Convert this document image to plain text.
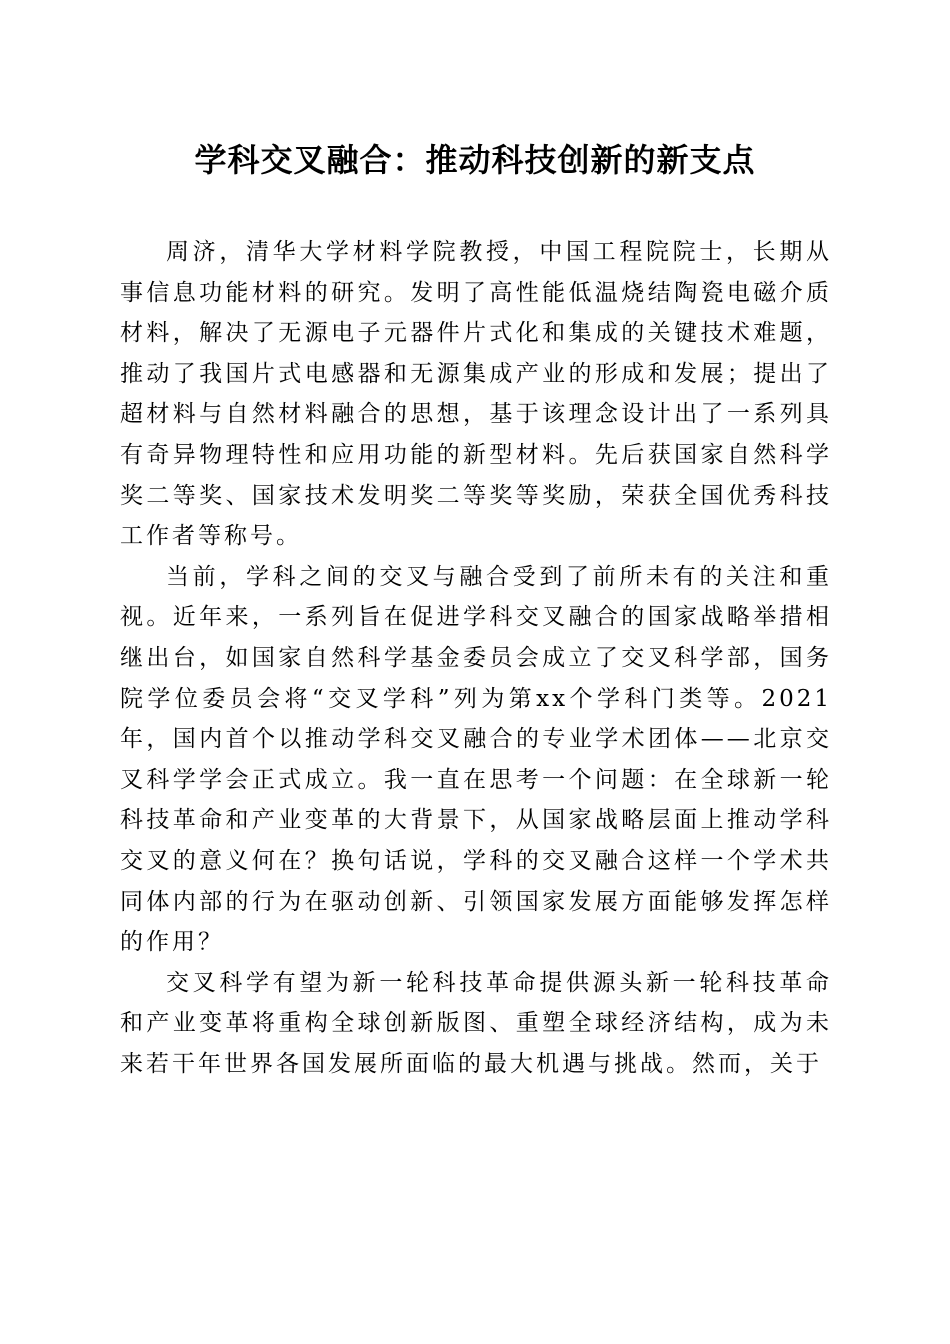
学科交叉融合：推动科技创新的新支点

周济，清华大学材料学院教授，中国工程院院士，长期从事信息功能材料的研究。发明了高性能低温烧结陶瓷电磁介质材料，解决了无源电子元器件片式化和集成的关键技术难题，推动了我国片式电感器和无源集成产业的形成和发展；提出了超材料与自然材料融合的思想，基于该理念设计出了一系列具有奇异物理特性和应用功能的新型材料。先后获国家自然科学奖二等奖、国家技术发明奖二等奖等奖励，荣获全国优秀科技工作者等称号。

当前，学科之间的交叉与融合受到了前所未有的关注和重视。近年来，一系列旨在促进学科交叉融合的国家战略举措相继出台，如国家自然科学基金委员会成立了交叉科学部，国务院学位委员会将“交叉学科”列为第xx个学科门类等。2021年，国内首个以推动学科交叉融合的专业学术团体——北京交叉科学学会正式成立。我一直在思考一个问题：在全球新一轮科技革命和产业变革的大背景下，从国家战略层面上推动学科交叉的意义何在？换句话说，学科的交叉融合这样一个学术共同体内部的行为在驱动创新、引领国家发展方面能够发挥怎样的作用？

交叉科学有望为新一轮科技革命提供源头新一轮科技革命和产业变革将重构全球创新版图、重塑全球经济结构，成为未来若干年世界各国发展所面临的最大机遇与挑战。然而，关于
